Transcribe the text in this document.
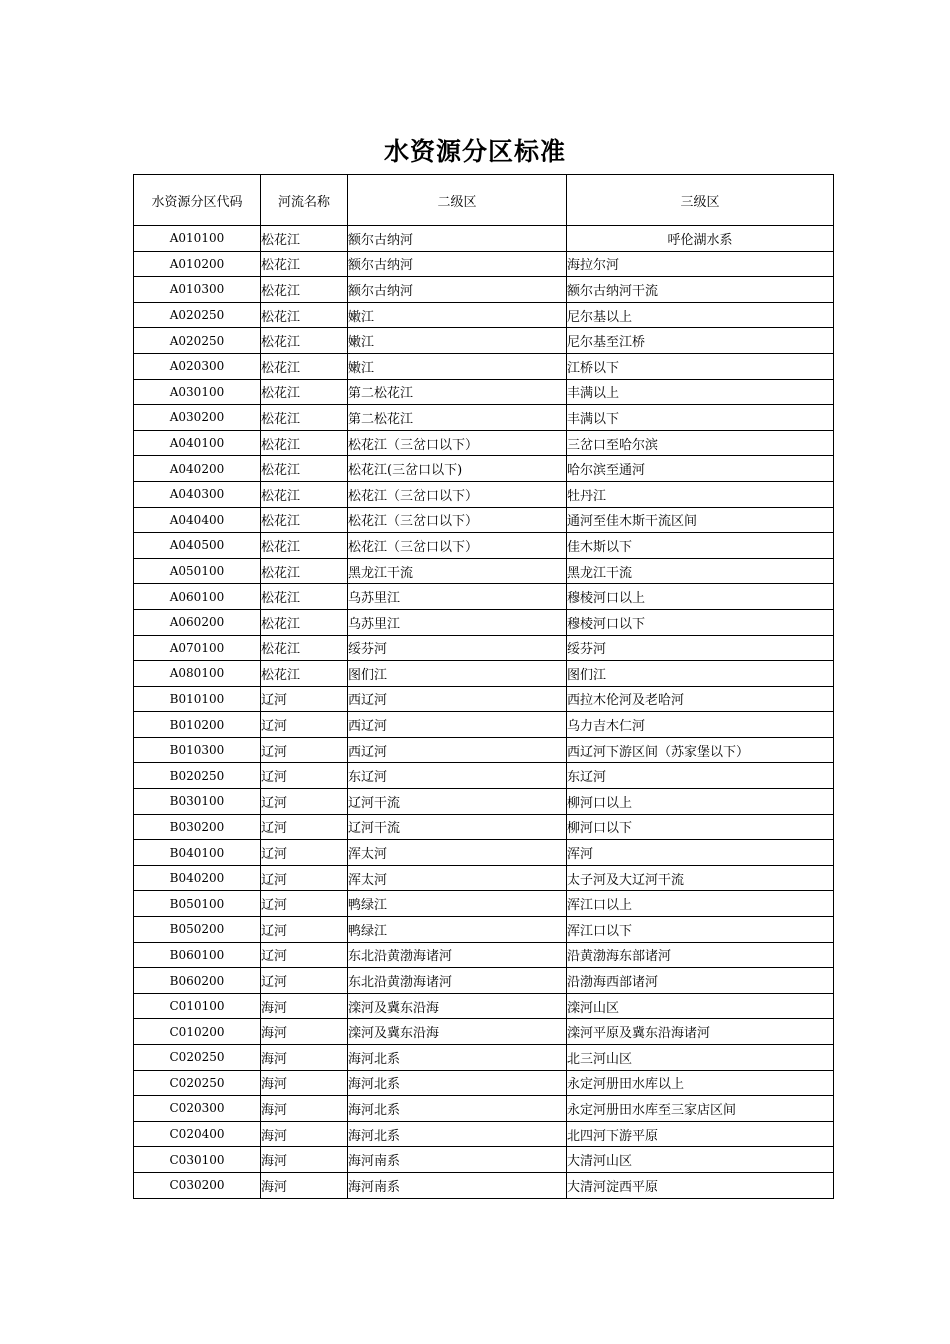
水资源分区标准
水资源分区代码	河流名称	二级区	三级区
A010100	松花江	额尔古纳河	呼伦湖水系
A010200	松花江	额尔古纳河	海拉尔河
A010300	松花江	额尔古纳河	额尔古纳河干流
A020250	松花江	嫩江	尼尔基以上
A020250	松花江	嫩江	尼尔基至江桥
A020300	松花江	嫩江	江桥以下
A030100	松花江	第二松花江	丰满以上
A030200	松花江	第二松花江	丰满以下
A040100	松花江	松花江（三岔口以下）	三岔口至哈尔滨
A040200	松花江	松花江(三岔口以下)	哈尔滨至通河
A040300	松花江	松花江（三岔口以下）	牡丹江
A040400	松花江	松花江（三岔口以下）	通河至佳木斯干流区间
A040500	松花江	松花江（三岔口以下）	佳木斯以下
A050100	松花江	黑龙江干流	黑龙江干流
A060100	松花江	乌苏里江	穆棱河口以上
A060200	松花江	乌苏里江	穆棱河口以下
A070100	松花江	绥芬河	绥芬河
A080100	松花江	图们江	图们江
B010100	辽河	西辽河	西拉木伦河及老哈河
B010200	辽河	西辽河	乌力吉木仁河
B010300	辽河	西辽河	西辽河下游区间（苏家堡以下）
B020250	辽河	东辽河	东辽河
B030100	辽河	辽河干流	柳河口以上
B030200	辽河	辽河干流	柳河口以下
B040100	辽河	浑太河	浑河
B040200	辽河	浑太河	太子河及大辽河干流
B050100	辽河	鸭绿江	浑江口以上
B050200	辽河	鸭绿江	浑江口以下
B060100	辽河	东北沿黄渤海诸河	沿黄渤海东部诸河
B060200	辽河	东北沿黄渤海诸河	沿渤海西部诸河
C010100	海河	滦河及冀东沿海	滦河山区
C010200	海河	滦河及冀东沿海	滦河平原及冀东沿海诸河
C020250	海河	海河北系	北三河山区
C020250	海河	海河北系	永定河册田水库以上
C020300	海河	海河北系	永定河册田水库至三家店区间
C020400	海河	海河北系	北四河下游平原
C030100	海河	海河南系	大清河山区
C030200	海河	海河南系	大清河淀西平原
